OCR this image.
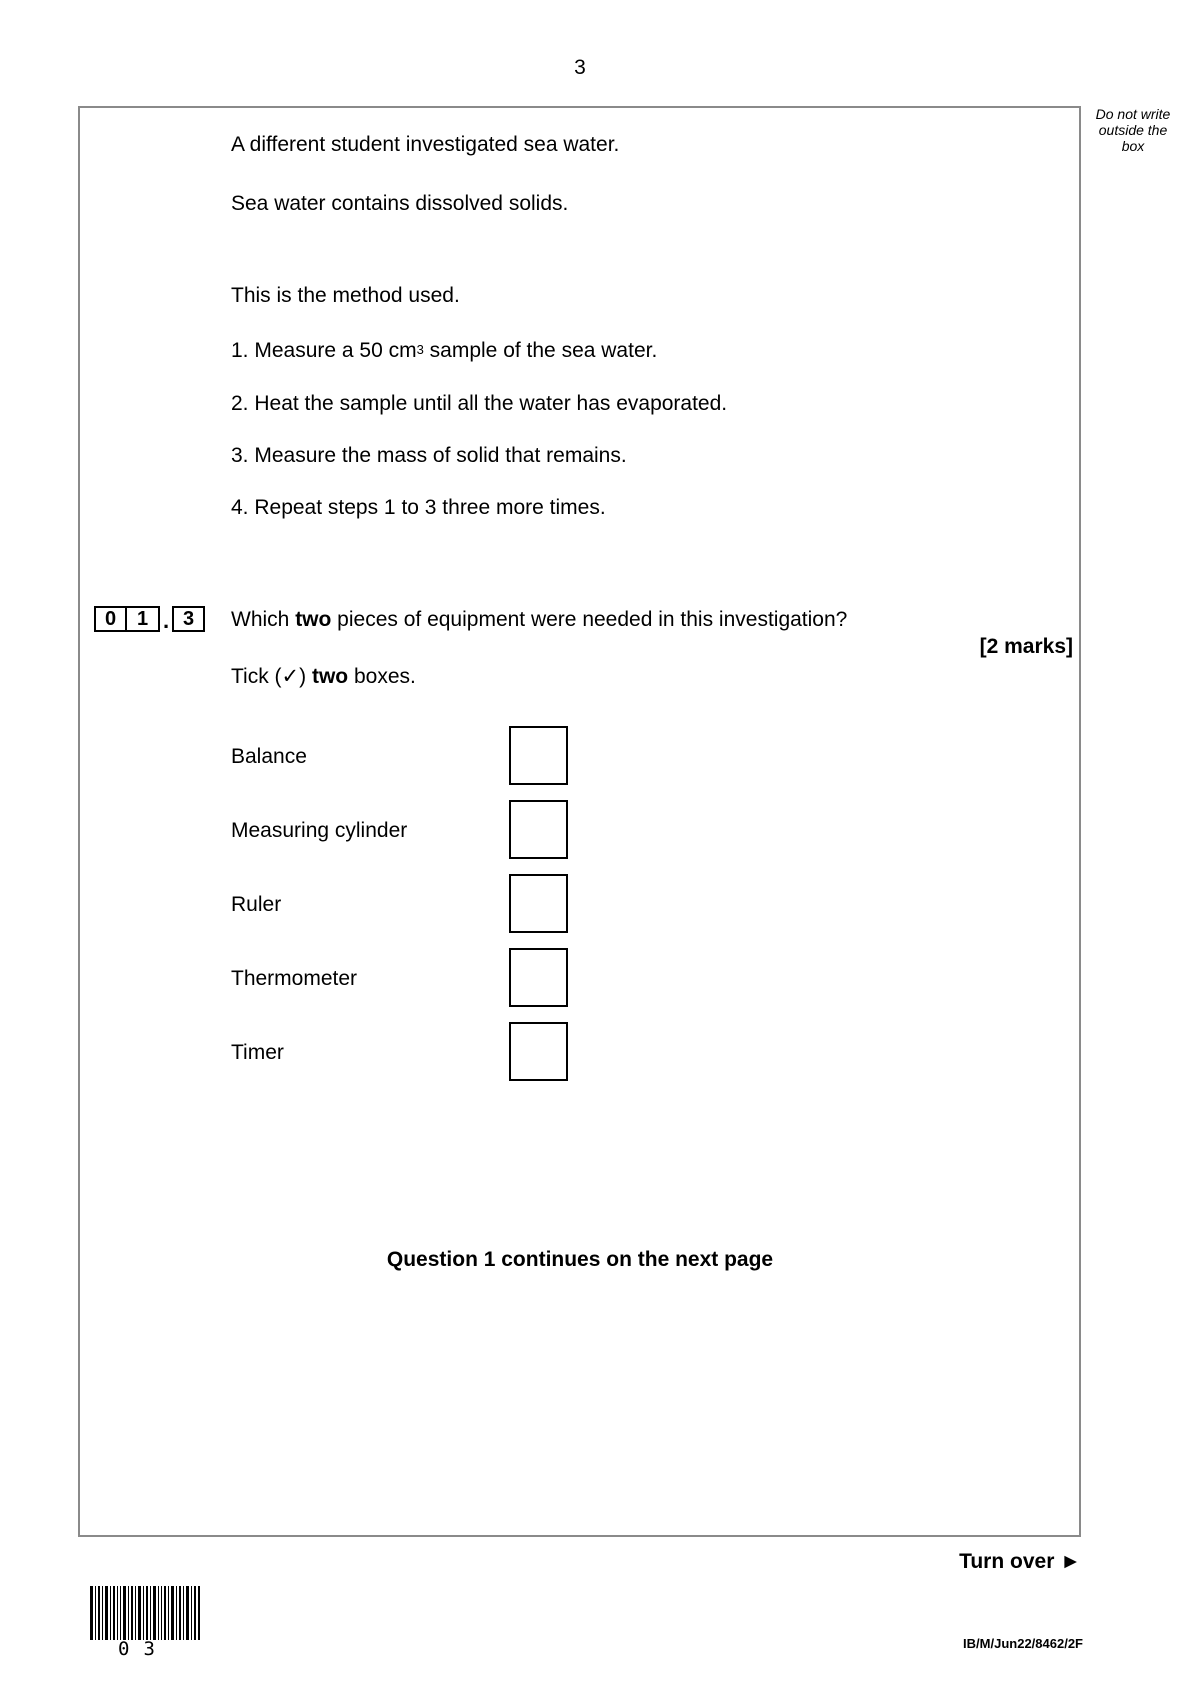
3
Do not write
outside the
box
A different student investigated sea water.
Sea water contains dissolved solids.
This is the method used.
1. Measure a 50 $cm^3$ sample of the sea water.
2. Heat the sample until all the water has evaporated.
3. Measure the mass of solid that remains.
4. Repeat steps 1 to 3 three more times.
0	1 . 3	Which two pieces of equipment were needed in this investigation?
[2 marks]
Tick (✓) two boxes.
Balance
Measuring cylinder
Ruler
Thermometer
Timer
Question 1 continues on the next page
Turn over ►
03	IB/M/Jun22/8462/2F
